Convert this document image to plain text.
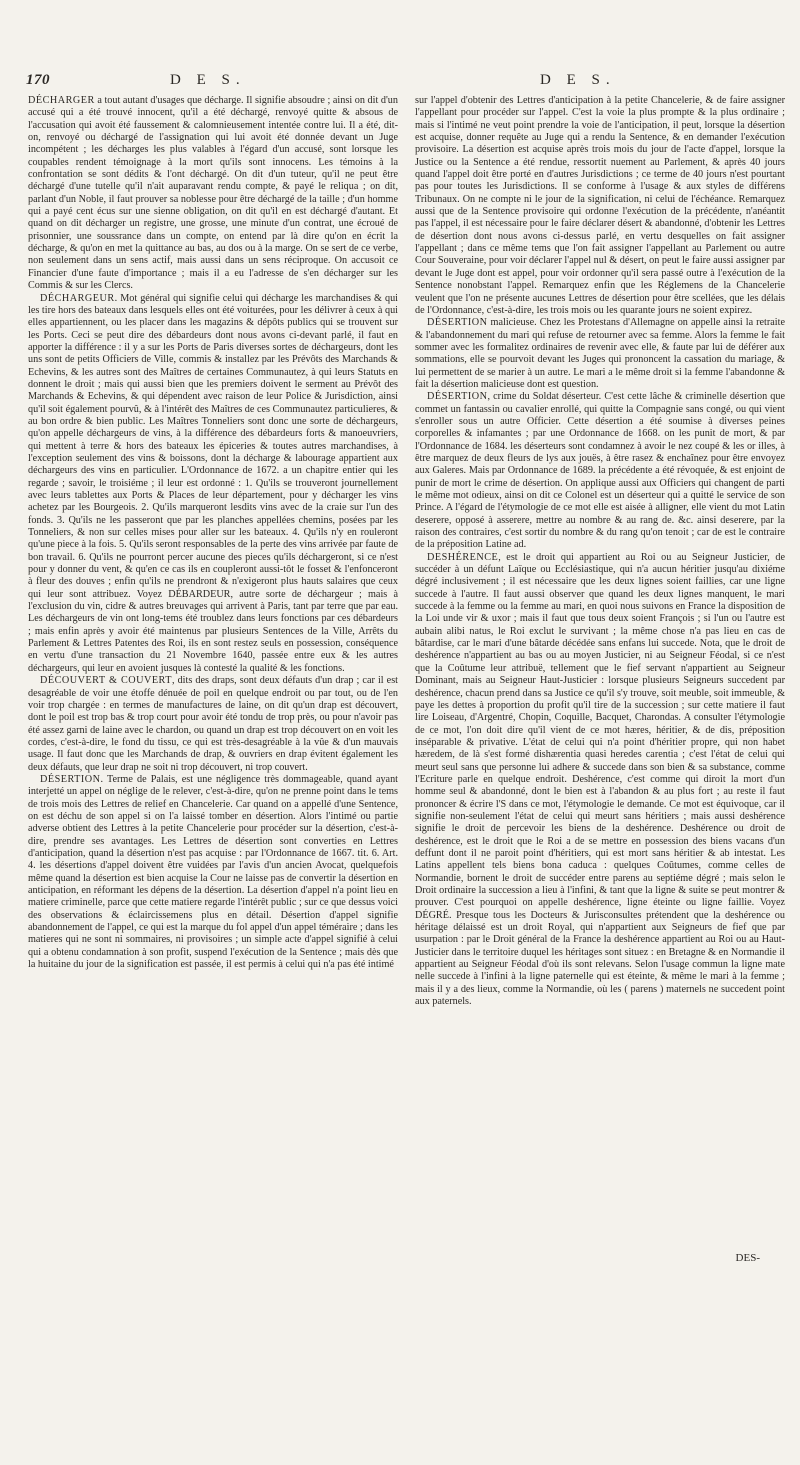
170	D E S.	D E S.

DÉCHARGER a tout autant d'usages que décharge. Il signifie absoudre ; ainsi on dit d'un accusé qui a été trouvé innocent, qu'il a été déchargé, renvoyé quitte & absous de l'accusation qui avoit été faussement & calomnieusement intentée contre lui. Il a été, dit-on, renvoyé ou déchargé de l'assignation qui lui avoit été donnée devant un Juge incompétent ; les décharges les plus valables à l'égard d'un accusé, sont lorsque les coupables rendent témoignage à la mort qu'ils sont innocens. Les témoins à la confrontation se sont dédits & l'ont déchargé. On dit d'un tuteur, qu'il ne peut être déchargé d'une tutelle qu'il n'ait auparavant rendu compte, & payé le reliqua ; on dit, parlant d'un Noble, il faut prouver sa noblesse pour être déchargé de la taille ; d'un homme qui a payé cent écus sur une sienne obligation, on dit qu'il en est déchargé d'autant. Et quand on dit décharger un registre, une grosse, une minute d'un contrat, une écroué de prisonnier, une soussrance dans un compte, on entend par là dire qu'on en écrit la décharge, & qu'on en met la quittance au bas, au dos ou à la marge. On se sert de ce verbe, non seulement dans un sens actif, mais aussi dans un sens réciproque. On accusoit ce Financier d'une faute d'importance ; mais il a eu l'adresse de s'en décharger sur les Commis & sur les Clercs.

DÉCHARGEUR. Mot général qui signifie celui qui décharge les marchandises & qui les tire hors des bateaux dans lesquels elles ont été voiturées, pour les délivrer à ceux à qui elles appartiennent, ou les placer dans les magazins & dépôts publics qui se trouvent sur les Ports. Ceci se peut dire des débardeurs dont nous avons ci-devant parlé, il faut en apporter la différence : il y a sur les Ports de Paris diverses sortes de déchargeurs, dont les uns sont de petits Officiers de Ville, commis & installez par les Prévôts des Marchands & Echevins, & les autres sont des Maîtres de certaines Communautez, à qui leurs Statuts en donnent le droit ; mais qui aussi bien que les premiers doivent le serment au Prévôt des Marchands & Echevins, & qui dépendent avec raison de leur Police & Jurisdiction, ainsi qu'il soit également pourvû, & à l'intérêt des Maîtres de ces Communautez particulieres, & au bon ordre & bien public. Les Maîtres Tonneliers sont donc une sorte de déchargeurs, qu'on appelle déchargeurs de vins, à la différence des débardeurs forts & manoeuvriers, qui mettent à terre & hors des bateaux les épiceries & toutes autres marchandises, à l'exception seulement des vins & boissons, dont la décharge & labourage appartient aux déchargeurs des vins en particulier. L'Ordonnance de 1672. a un chapitre entier qui les regarde ; savoir, le troisiéme ; il leur est ordonné : 1. Qu'ils se trouveront journellement avec leurs tablettes aux Ports & Places de leur département, pour y décharger les vins achetez par les Bourgeois. 2. Qu'ils marqueront lesdits vins avec de la craie sur l'un des fonds. 3. Qu'ils ne les passeront que par les planches appellées chemins, posées par les Tonneliers, & non sur celles mises pour aller sur les bateaux. 4. Qu'ils n'y en rouleront qu'une piece à la fois. 5. Qu'ils seront responsables de la perte des vins arrivée par faute de bon travail. 6. Qu'ils ne pourront percer aucune des pieces qu'ils déchargeront, si ce n'est pour y donner du vent, & qu'en ce cas ils en coupleront aussi-tôt le fosset & l'enfonceront à fleur des douves ; enfin qu'ils ne prendront & n'exigeront plus hauts salaires que ceux qui leur sont attribuez. Voyez DÉBARDEUR, autre sorte de déchargeur ; mais à l'exclusion du vin, cidre & autres breuvages qui arrivent à Paris, tant par terre que par eau. Les déchargeurs de vin ont long-tems été troublez dans leurs fonctions par ces débardeurs ; mais enfin après y avoir été maintenus par plusieurs Sentences de la Ville, Arrêts du Parlement & Lettres Patentes des Roi, ils en sont restez seuls en possession, conséquence en vertu d'une transaction du 21 Novembre 1640, passée entre eux & les autres déchargeurs, qui leur en avoient jusques là contesté la qualité & les fonctions.

DÉCOUVERT & COUVERT, dits des draps, sont deux défauts d'un drap ; car il est desagréable de voir une étoffe dénuée de poil en quelque endroit ou par tout, ou de l'en voir trop chargée : en termes de manufactures de laine, on dit qu'un drap est découvert, dont le poil est trop bas & trop court pour avoir été tondu de trop près, ou pour n'avoir pas été assez garni de laine avec le chardon, ou quand un drap est trop découvert on en voit les cordes, c'est-à-dire, le fond du tissu, ce qui est très-desagréable à la vûe & d'un mauvais usage. Il faut donc que les Marchands de drap, & ouvriers en drap évitent également les deux défauts, que leur drap ne soit ni trop découvert, ni trop couvert.

DÉSERTION. Terme de Palais, est une négligence très dommageable, quand ayant interjetté un appel on néglige de le relever, c'est-à-dire, qu'on ne prenne point dans le tems de trois mois des Lettres de relief en Chancelerie. Car quand on a appellé d'une Sentence, on est déchu de son appel si on l'a laissé tomber en désertion. Alors l'intimé ou partie adverse obtient des Lettres à la petite Chancelerie pour procéder sur la désertion, c'est-à-dire, prendre ses avantages. Les Lettres de désertion sont converties en Lettres d'anticipation, quand la désertion n'est pas acquise : par l'Ordonnance de 1667. tit. 6. Art. 4. les désertions d'appel doivent être vuidées par l'avis d'un ancien Avocat, quelquefois même quand la désertion est bien acquise la Cour ne laisse pas de convertir la désertion en anticipation, en réformant les dépens de la désertion. La désertion d'appel n'a point lieu en matiere criminelle, parce que cette matiere regarde l'intérêt public ; sur ce que dessus voici des observations & éclaircissemens plus en détail. Désertion d'appel signifie abandonnement de l'appel, ce qui est la marque du fol appel d'un appel téméraire ; dans les matieres qui ne sont ni sommaires, ni provisoires ; un simple acte d'appel signifié à celui qui a obtenu condamnation à son profit, suspend l'exécution de la Sentence ; mais dès que la huitaine du jour de la signification est passée, il est permis à celui qui n'a pas été intimé

sur l'appel d'obtenir des Lettres d'anticipation à la petite Chancelerie, & de faire assigner l'appellant pour procéder sur l'appel. C'est la voie la plus prompte & la plus ordinaire ; mais si l'intimé ne veut point prendre la voie de l'anticipation, il peut, lorsque la désertion est acquise, donner requête au Juge qui a rendu la Sentence, & en demander l'exécution provisoire. La désertion est acquise après trois mois du jour de l'acte d'appel, lorsque la Justice ou la Sentence a été rendue, ressortit nuement au Parlement, & après 40 jours quand l'appel doit être porté en d'autres Jurisdictions ; ce terme de 40 jours n'est pourtant pas pour toutes les Jurisdictions. Il se conforme à l'usage & aux styles de différens Tribunaux. On ne compte ni le jour de la signification, ni celui de l'échéance. Remarquez aussi que de la Sentence provisoire qui ordonne l'exécution de la précédente, n'anéantit pas l'appel, il est nécessaire pour le faire déclarer désert & abandonné, d'obtenir les Lettres de désertion dont nous avons ci-dessus parlé, en vertu desquelles on fait assigner l'appellant ; dans ce même tems que l'on fait assigner l'appellant au Parlement ou autre Cour Souveraine, pour voir déclarer l'appel nul & désert, on peut le faire aussi assigner par devant le Juge dont est appel, pour voir ordonner qu'il sera passé outre à l'exécution de la Sentence nonobstant l'appel. Remarquez enfin que les Réglemens de la Chancelerie veulent que l'on ne présente aucunes Lettres de désertion pour être scellées, que les délais de l'Ordonnance, c'est-à-dire, les trois mois ou les quarante jours ne soient expirez.

DÉSERTION malicieuse. Chez les Protestans d'Allemagne on appelle ainsi la retraite & l'abandonnement du mari qui refuse de retourner avec sa femme. Alors la femme le fait sommer avec les formalitez ordinaires de revenir avec elle, & faute par lui de déférer aux sommations, elle se pourvoit devant les Juges qui prononcent la cassation du mariage, & lui permettent de se marier à un autre. Le mari a le même droit si la femme l'abandonne & fait la désertion malicieuse dont est question.

DÉSERTION, crime du Soldat déserteur. C'est cette lâche & criminelle désertion que commet un fantassin ou cavalier enrollé, qui quitte la Compagnie sans congé, ou qui vient s'enroller sous un autre Officier. Cette désertion a été soumise à diverses peines corporelles & infamantes ; par une Ordonnance de 1668. on les punit de mort, & par l'Ordonnance de 1684. les déserteurs sont condamnez à avoir le nez coupé & les or illes, à être marquez de deux fleurs de lys aux jouës, à être rasez & enchaînez pour être envoyez aux Galeres. Mais par Ordonnance de 1689. la précédente a été révoquée, & est enjoint de punir de mort le crime de désertion. On applique aussi aux Officiers qui changent de parti le même mot odieux, ainsi on dit ce Colonel est un déserteur qui a quitté le service de son Prince. A l'égard de l'étymologie de ce mot elle est aisée à alligner, elle vient du mot Latin deserere, opposé à asserere, mettre au nombre & au rang de. &c. ainsi deserere, par la raison des contraires, c'est sortir du nombre & du rang qu'on tenoit ; car de est le contraire de la préposition Latine ad.

DESHÉRENCE, est le droit qui appartient au Roi ou au Seigneur Justicier, de succéder à un défunt Laïque ou Ecclésiastique, qui n'a aucun héritier jusqu'au dixiéme dégré inclusivement ; il est nécessaire que les deux lignes soient faillies, car une ligne succede à l'autre. Il faut aussi observer que quand les deux lignes manquent, le mari succede à la femme ou la femme au mari, en quoi nous suivons en France la disposition de la Loi unde vir & uxor ; mais il faut que tous deux soient François ; si l'un ou l'autre est aubain alibi natus, le Roi exclut le survivant ; la même chose n'a pas lieu en cas de bâtardise, car le mari d'une bâtarde décédée sans enfans lui succede. Nota, que le droit de deshérence n'appartient au bas ou au moyen Justicier, ni au Seigneur Féodal, si ce n'est que la Coûtume leur attribuë, tellement que le fief servant n'appartient au Seigneur Dominant, mais au Seigneur Haut-Justicier : lorsque plusieurs Seigneurs succedent par deshérence, chacun prend dans sa Justice ce qu'il s'y trouve, soit meuble, soit immeuble, & paye les dettes à proportion du profit qu'il tire de la succession ; sur cette matiere il faut lire Loiseau, d'Argentré, Chopin, Coquille, Bacquet, Charondas. A consulter l'étymologie de ce mot, l'on doit dire qu'il vient de ce mot hæres, héritier, & de dis, préposition inséparable & privative. L'état de celui qui n'a point d'héritier propre, qui non habet hæredem, de là s'est formé dishærentia quasi heredes carentia ; c'est l'état de celui qui meurt seul sans que personne lui adhere & succede dans son bien & sa substance, comme l'Ecriture parle en quelque endroit. Deshérence, c'est comme qui diroit la mort d'un homme seul & abandonné, dont le bien est à l'abandon & au plus fort ; au reste il faut prononcer & écrire l'S dans ce mot, l'étymologie le demande. Ce mot est équivoque, car il signifie non-seulement l'état de celui qui meurt sans héritiers ; mais aussi deshérence signifie le droit de percevoir les biens de la deshérence. Deshérence ou droit de deshérence, est le droit que le Roi a de se mettre en possession des biens vacans d'un deffunt dont il ne paroit point d'héritiers, qui est mort sans héritier & ab intestat. Les Latins appellent tels biens bona caduca : quelques Coûtumes, comme celles de Normandie, bornent le droit de succéder entre parens au septiéme dégré ; mais selon le Droit ordinaire la succession a lieu à l'infini, & tant que la ligne & suite se peut montrer & prouver. C'est pourquoi on appelle deshérence, ligne éteinte ou ligne faillie. Voyez DÉGRÉ. Presque tous les Docteurs & Jurisconsultes prétendent que la deshérence ou héritage délaissé est un droit Royal, qui n'appartient aux Seigneurs de fief que par usurpation : par le Droit général de la France la deshérence appartient au Roi ou au Haut-Justicier dans le territoire duquel les héritages sont situez : en Bretagne & en Normandie il appartient au Seigneur Féodal d'où ils sont relevans. Selon l'usage commun la ligne mate nelle succede à l'infini à la ligne paternelle qui est éteinte, & même le mari à la femme ; mais il y a des lieux, comme la Normandie, où les ( parens ) maternels ne succedent point aux paternels.

DES-
